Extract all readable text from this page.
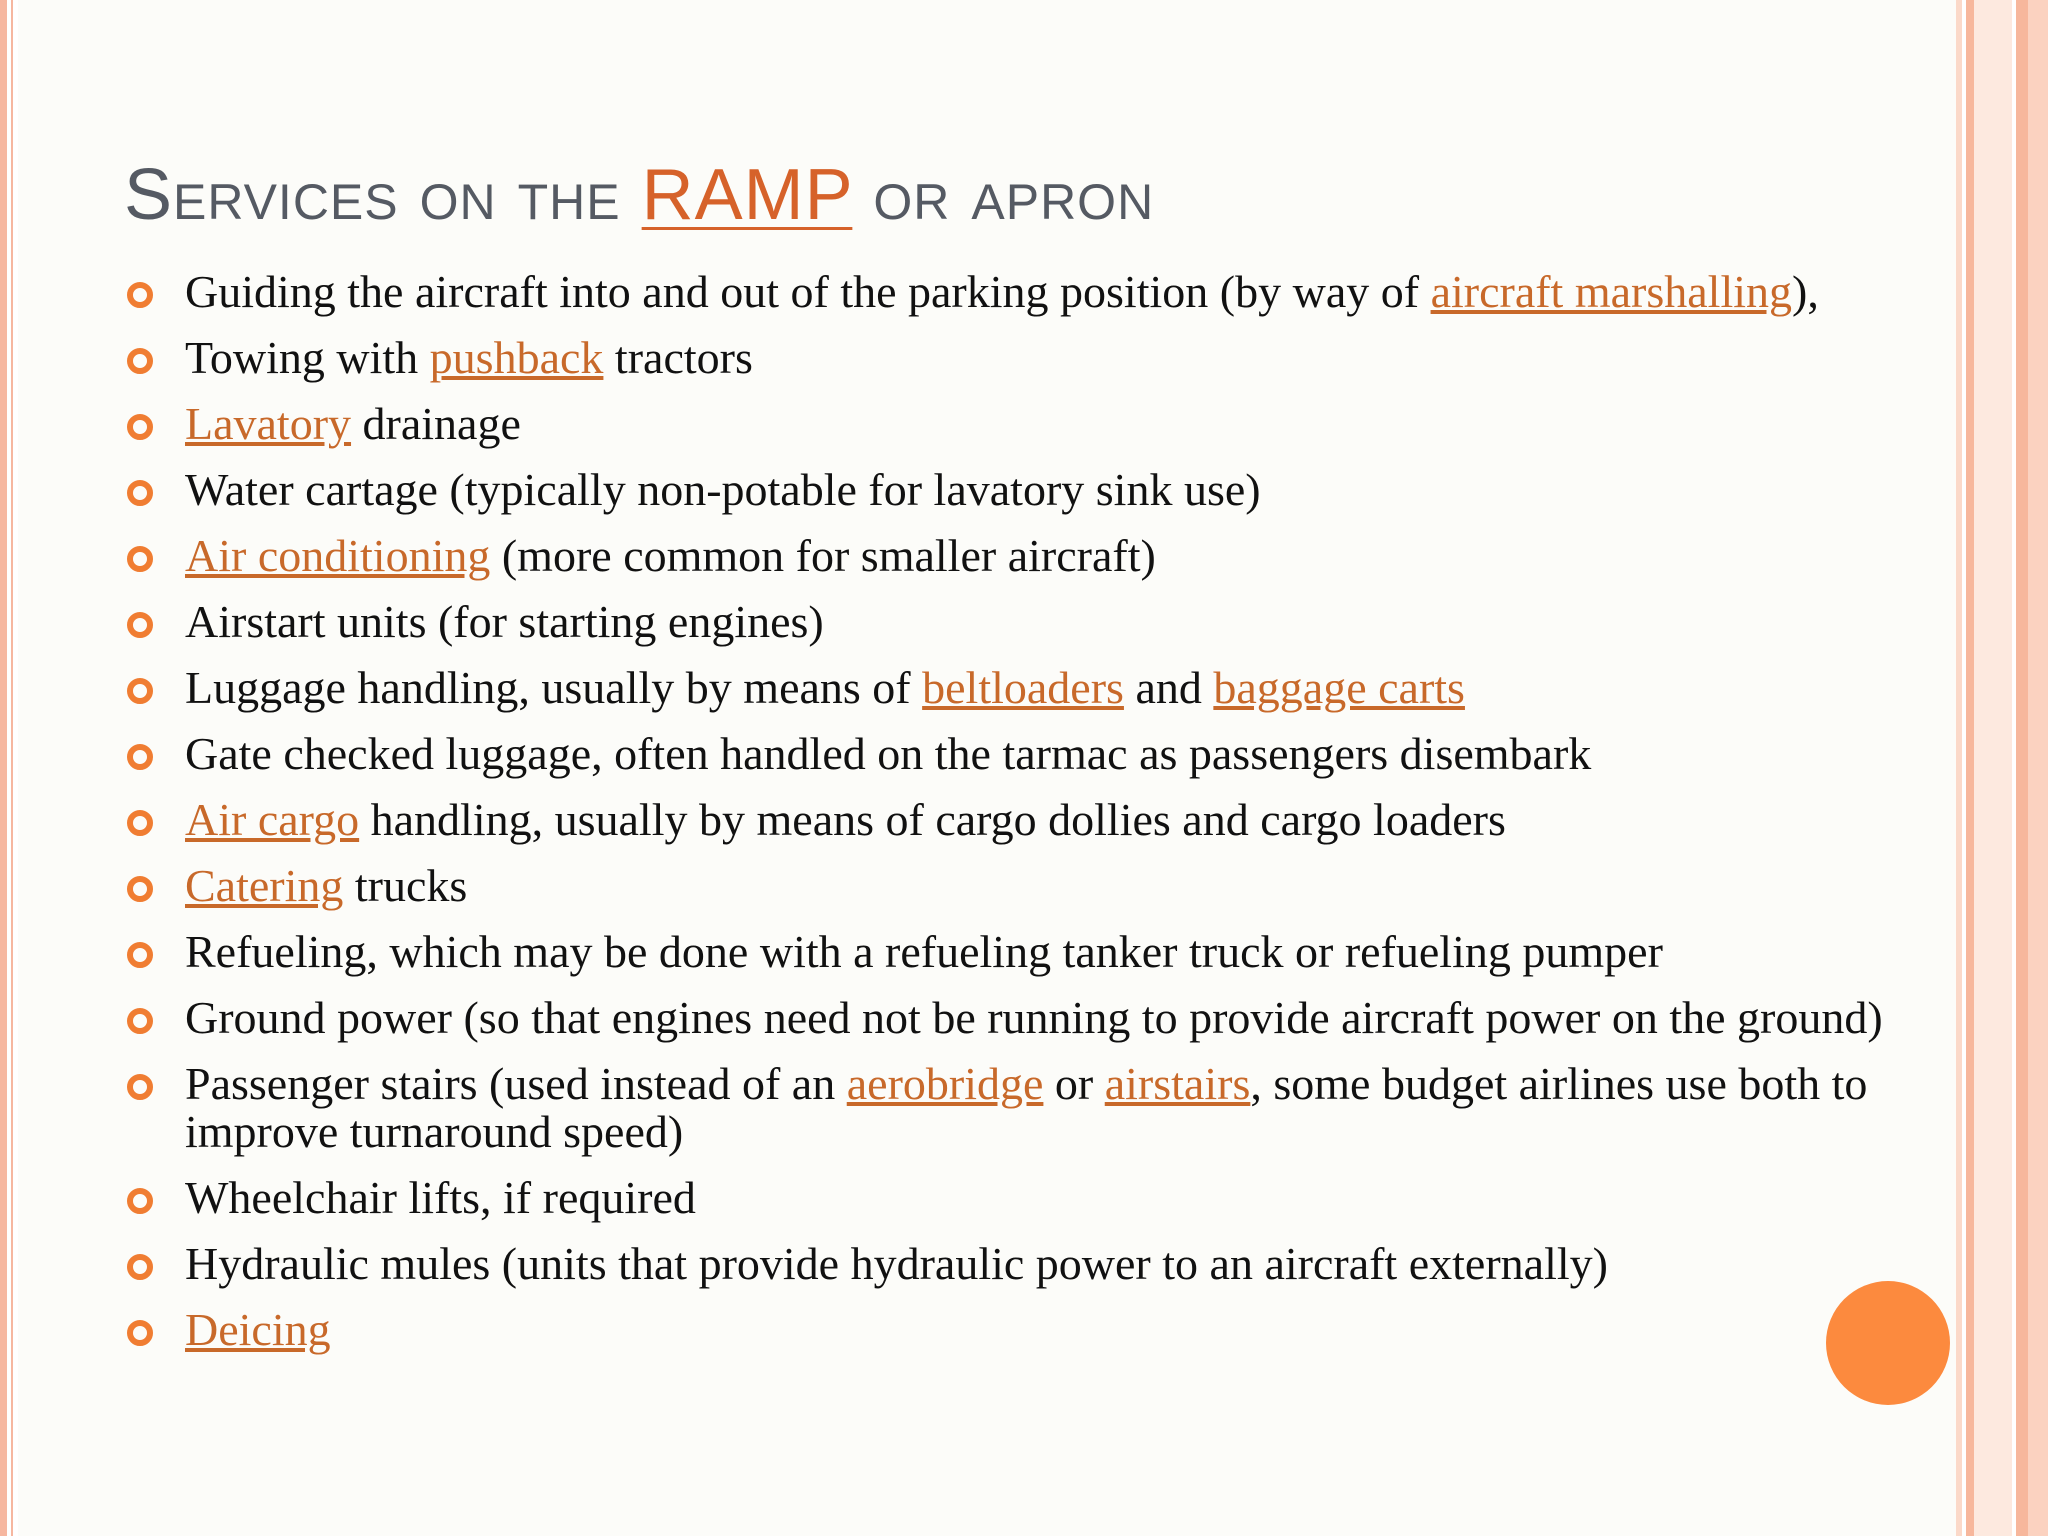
Services on the RAMP or apron
Guiding the aircraft into and out of the parking position (by way of aircraft marshalling),
Towing with pushback tractors
Lavatory drainage
Water cartage (typically non-potable for lavatory sink use)
Air conditioning (more common for smaller aircraft)
Airstart units (for starting engines)
Luggage handling, usually by means of beltloaders and baggage carts
Gate checked luggage, often handled on the tarmac as passengers disembark
Air cargo handling, usually by means of cargo dollies and cargo loaders
Catering trucks
Refueling, which may be done with a refueling tanker truck or refueling pumper
Ground power (so that engines need not be running to provide aircraft power on the ground)
Passenger stairs (used instead of an aerobridge or airstairs, some budget airlines use both to improve turnaround speed)
Wheelchair lifts, if required
Hydraulic mules (units that provide hydraulic power to an aircraft externally)
Deicing
